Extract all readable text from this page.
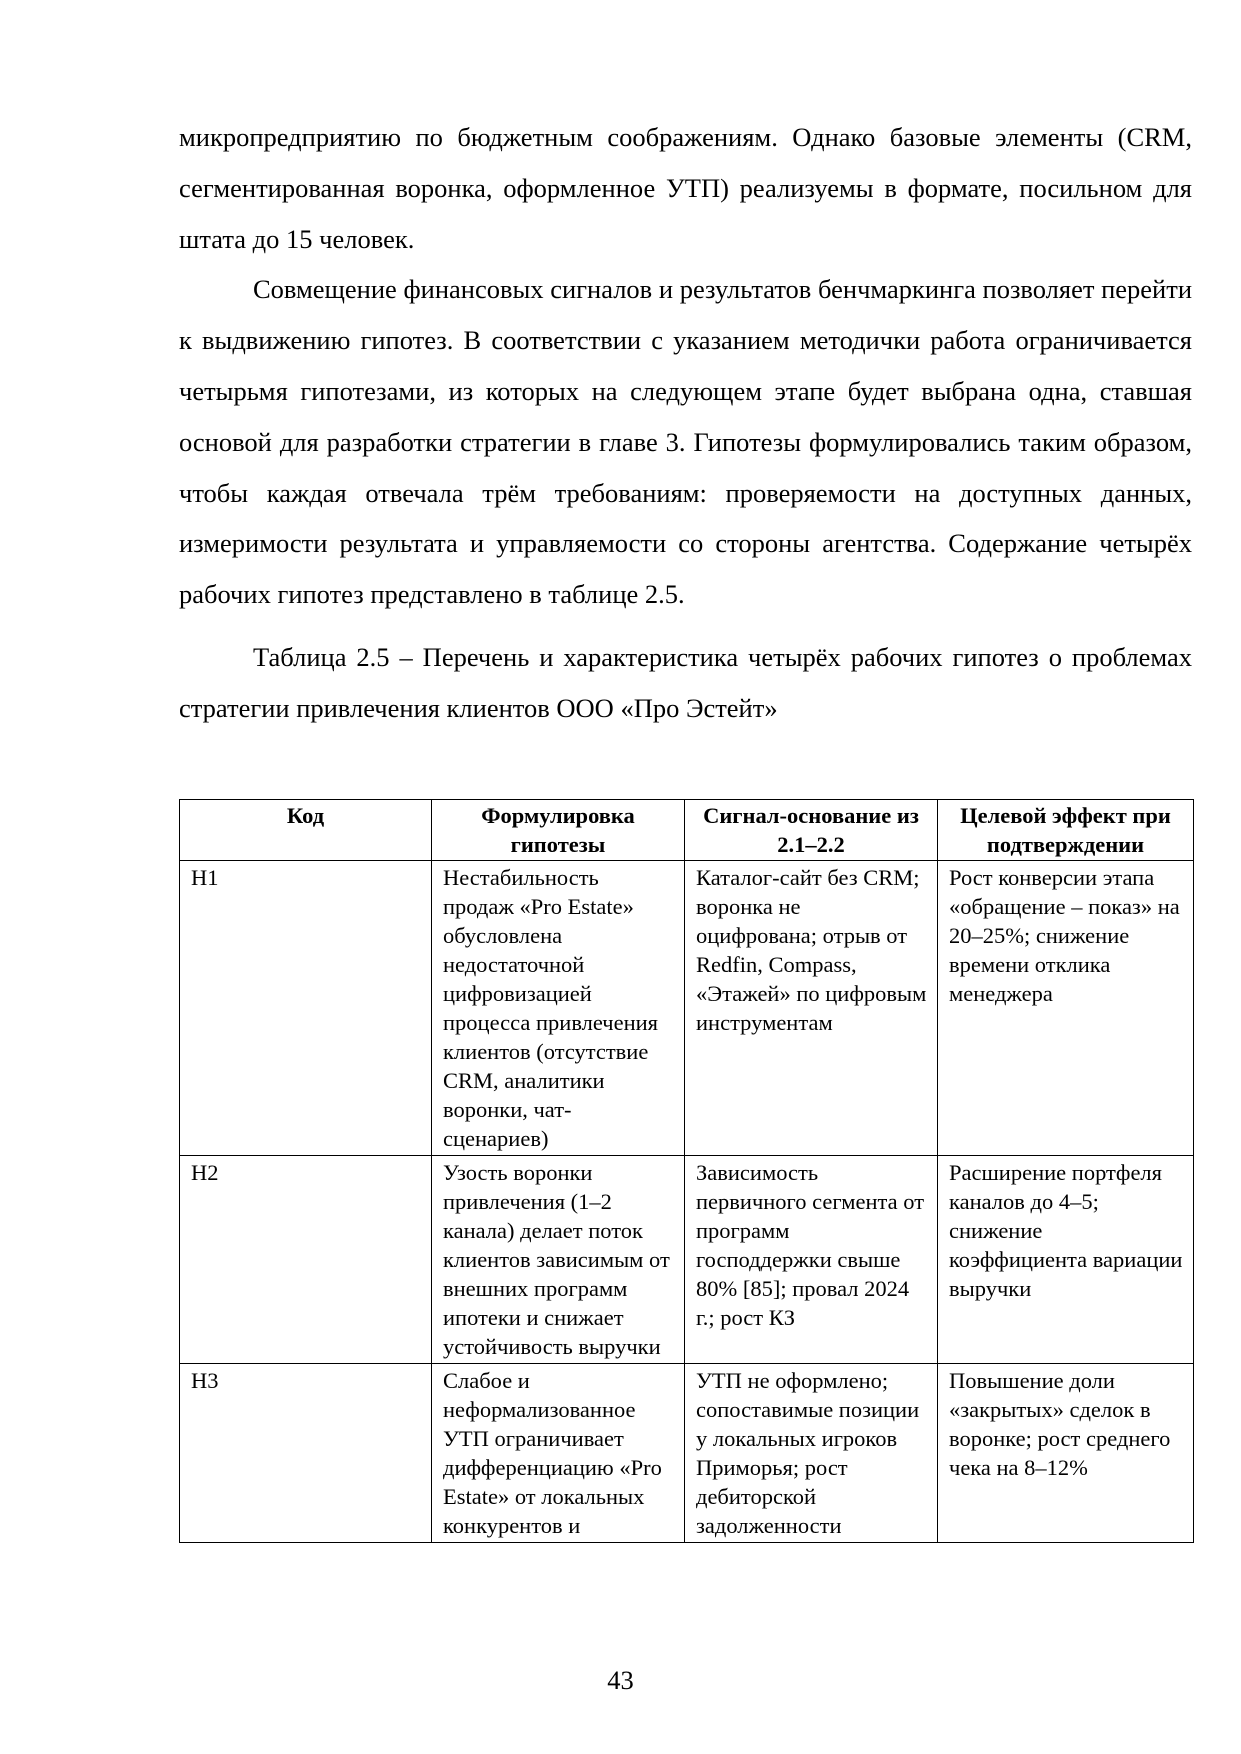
микропредприятию по бюджетным соображениям. Однако базовые элементы (CRM, сегментированная воронка, оформленное УТП) реализуемы в формате, посильном для штата до 15 человек.

Совмещение финансовых сигналов и результатов бенчмаркинга позволяет перейти к выдвижению гипотез. В соответствии с указанием методички работа ограничивается четырьмя гипотезами, из которых на следующем этапе будет выбрана одна, ставшая основой для разработки стратегии в главе 3. Гипотезы формулировались таким образом, чтобы каждая отвечала трём требованиям: проверяемости на доступных данных, измеримости результата и управляемости со стороны агентства. Содержание четырёх рабочих гипотез представлено в таблице 2.5.

Таблица 2.5 – Перечень и характеристика четырёх рабочих гипотез о проблемах стратегии привлечения клиентов ООО «Про Эстейт»

Код	Формулировка гипотезы	Сигнал-основание из 2.1–2.2	Целевой эффект при подтверждении
H1	Нестабильность продаж «Pro Estate» обусловлена недостаточной цифровизацией процесса привлечения клиентов (отсутствие CRM, аналитики воронки, чат-сценариев)	Каталог-сайт без CRM; воронка не оцифрована; отрыв от Redfin, Compass, «Этажей» по цифровым инструментам	Рост конверсии этапа «обращение – показ» на 20–25%; снижение времени отклика менеджера
H2	Узость воронки привлечения (1–2 канала) делает поток клиентов зависимым от внешних программ ипотеки и снижает устойчивость выручки	Зависимость первичного сегмента от программ господдержки свыше 80% [85]; провал 2024 г.; рост КЗ	Расширение портфеля каналов до 4–5; снижение коэффициента вариации выручки
H3	Слабое и неформализованное УТП ограничивает дифференциацию «Pro Estate» от локальных конкурентов и	УТП не оформлено; сопоставимые позиции у локальных игроков Приморья; рост дебиторской задолженности	Повышение доли «закрытых» сделок в воронке; рост среднего чека на 8–12%
43
